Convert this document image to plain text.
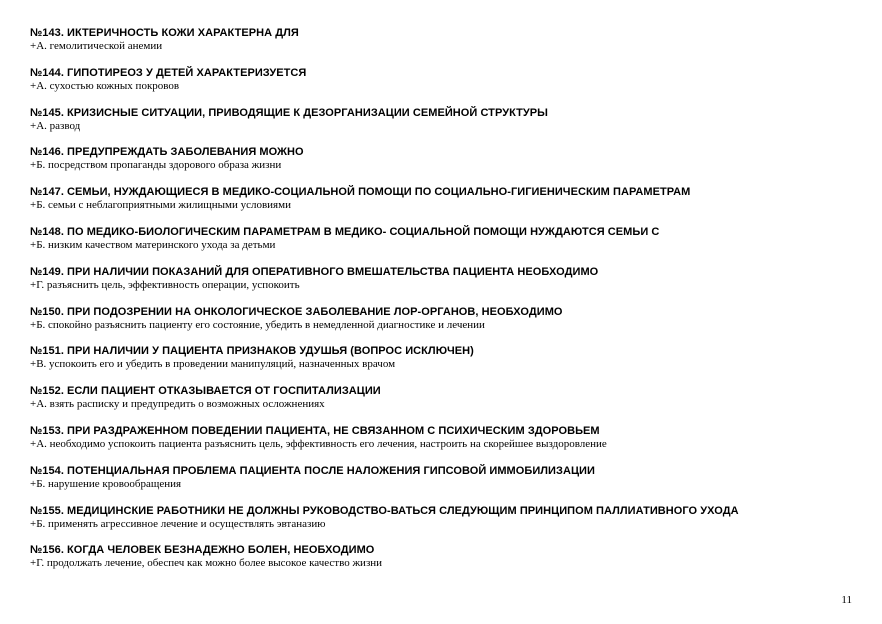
№143. ИКТЕРИЧНОСТЬ КОЖИ ХАРАКТЕРНА ДЛЯ
+А. гемолитической анемии
№144. ГИПОТИРЕОЗ У ДЕТЕЙ ХАРАКТЕРИЗУЕТСЯ
+А. сухостью кожных покровов
№145. КРИЗИСНЫЕ СИТУАЦИИ, ПРИВОДЯЩИЕ К ДЕЗОРГАНИЗАЦИИ СЕМЕЙНОЙ СТРУКТУРЫ
+А. развод
№146. ПРЕДУПРЕЖДАТЬ ЗАБОЛЕВАНИЯ МОЖНО
+Б. посредством пропаганды здорового образа жизни
№147. СЕМЬИ, НУЖДАЮЩИЕСЯ В МЕДИКО-СОЦИАЛЬНОЙ ПОМОЩИ ПО СОЦИАЛЬНО-ГИГИЕНИЧЕСКИМ ПАРАМЕТРАМ
+Б. семьи с неблагоприятными жилищными условиями
№148. ПО МЕДИКО-БИОЛОГИЧЕСКИМ ПАРАМЕТРАМ В МЕДИКО- СОЦИАЛЬНОЙ ПОМОЩИ НУЖДАЮТСЯ СЕМЬИ С
+Б. низким качеством материнского ухода за детьми
№149. ПРИ НАЛИЧИИ ПОКАЗАНИЙ ДЛЯ ОПЕРАТИВНОГО ВМЕШАТЕЛЬСТВА ПАЦИЕНТА НЕОБХОДИМО
+Г. разъяснить цель, эффективность операции, успокоить
№150. ПРИ ПОДОЗРЕНИИ НА ОНКОЛОГИЧЕСКОЕ ЗАБОЛЕВАНИЕ ЛОР-ОРГАНОВ, НЕОБХОДИМО
+Б. спокойно разъяснить пациенту его состояние, убедить в немедленной диагностике и лечении
№151. ПРИ НАЛИЧИИ У ПАЦИЕНТА ПРИЗНАКОВ УДУШЬЯ (ВОПРОС ИСКЛЮЧЕН)
+В. успокоить его и убедить в проведении манипуляций, назначенных врачом
№152. ЕСЛИ ПАЦИЕНТ ОТКАЗЫВАЕТСЯ ОТ ГОСПИТАЛИЗАЦИИ
+А. взять расписку и предупредить о возможных осложнениях
№153. ПРИ РАЗДРАЖЕННОМ ПОВЕДЕНИИ ПАЦИЕНТА, НЕ СВЯЗАННОМ С ПСИХИЧЕСКИМ ЗДОРОВЬЕМ
+А. необходимо успокоить пациента разъяснить цель, эффективность его лечения, настроить на скорейшее выздоровление
№154. ПОТЕНЦИАЛЬНАЯ ПРОБЛЕМА ПАЦИЕНТА ПОСЛЕ НАЛОЖЕНИЯ ГИПСОВОЙ ИММОБИЛИЗАЦИИ
+Б. нарушение кровообращения
№155. МЕДИЦИНСКИЕ РАБОТНИКИ НЕ ДОЛЖНЫ РУКОВОДСТВО-ВАТЬСЯ СЛЕДУЮЩИМ ПРИНЦИПОМ ПАЛЛИАТИВНОГО УХОДА
+Б. применять агрессивное лечение и осуществлять эвтаназию
№156. КОГДА ЧЕЛОВЕК БЕЗНАДЕЖНО БОЛЕН, НЕОБХОДИМО
+Г. продолжать лечение, обеспеч как можно более высокое качество жизни
11
